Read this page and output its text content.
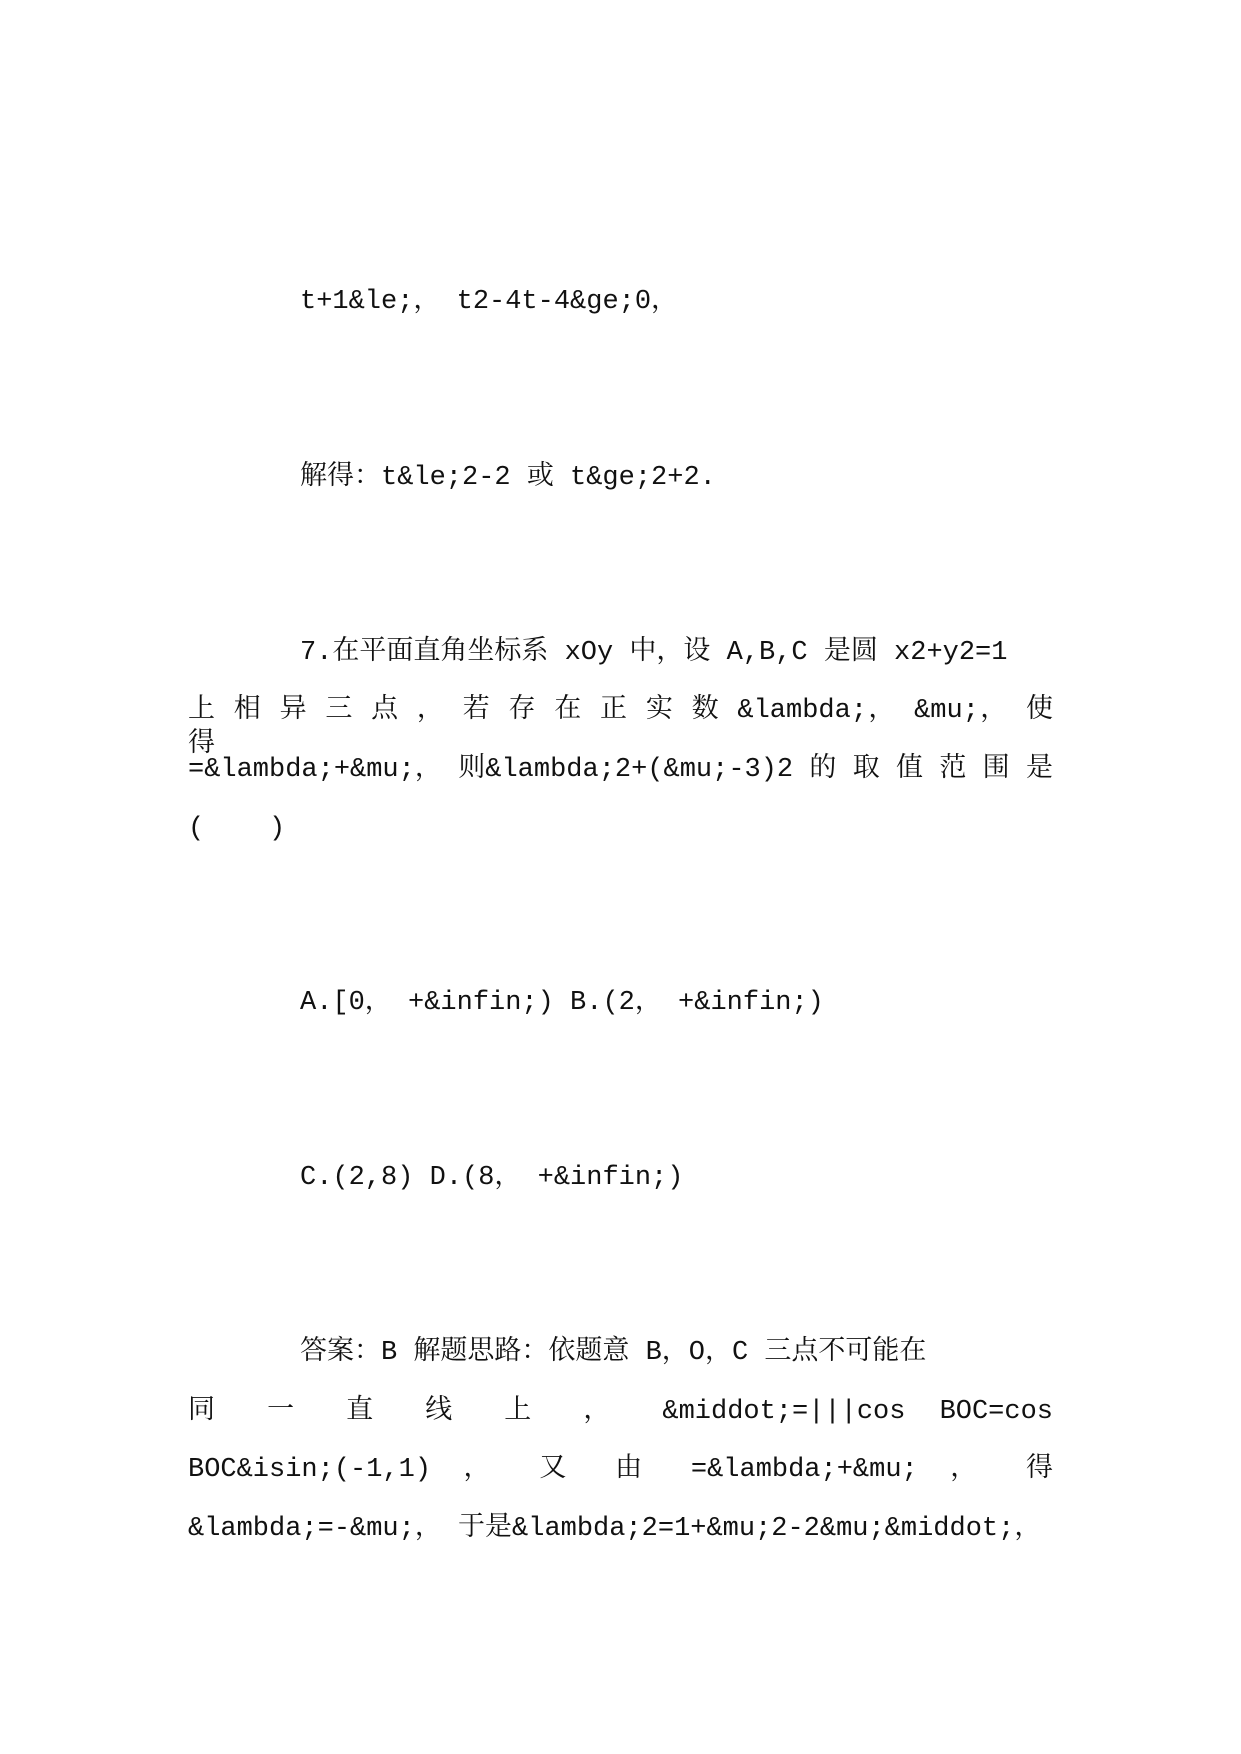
t+1&le;， t2-4t-4&ge;0，
解得：t&le;2-2 或 t&ge;2+2.
7.在平面直角坐标系 xOy 中，设 A,B,C 是圆 x2+y2=1
上 相 异 三 点 ， 若 存 在 正 实 数 &lambda;， &mu;， 使 得
=&lambda;+&mu;， 则&lambda;2+(&mu;-3)2 的 取 值 范 围 是
(    )
A.[0， +&infin;) B.(2， +&infin;)
C.(2,8) D.(8， +&infin;)
答案：B 解题思路：依题意 B，O，C 三点不可能在
同 一 直 线 上 ， &middot;=|||cos BOC=cos
BOC&isin;(-1,1) ， 又 由 =&lambda;+&mu; ， 得
&lambda;=-&mu;， 于是&lambda;2=1+&mu;2-2&mu;&middot;，
